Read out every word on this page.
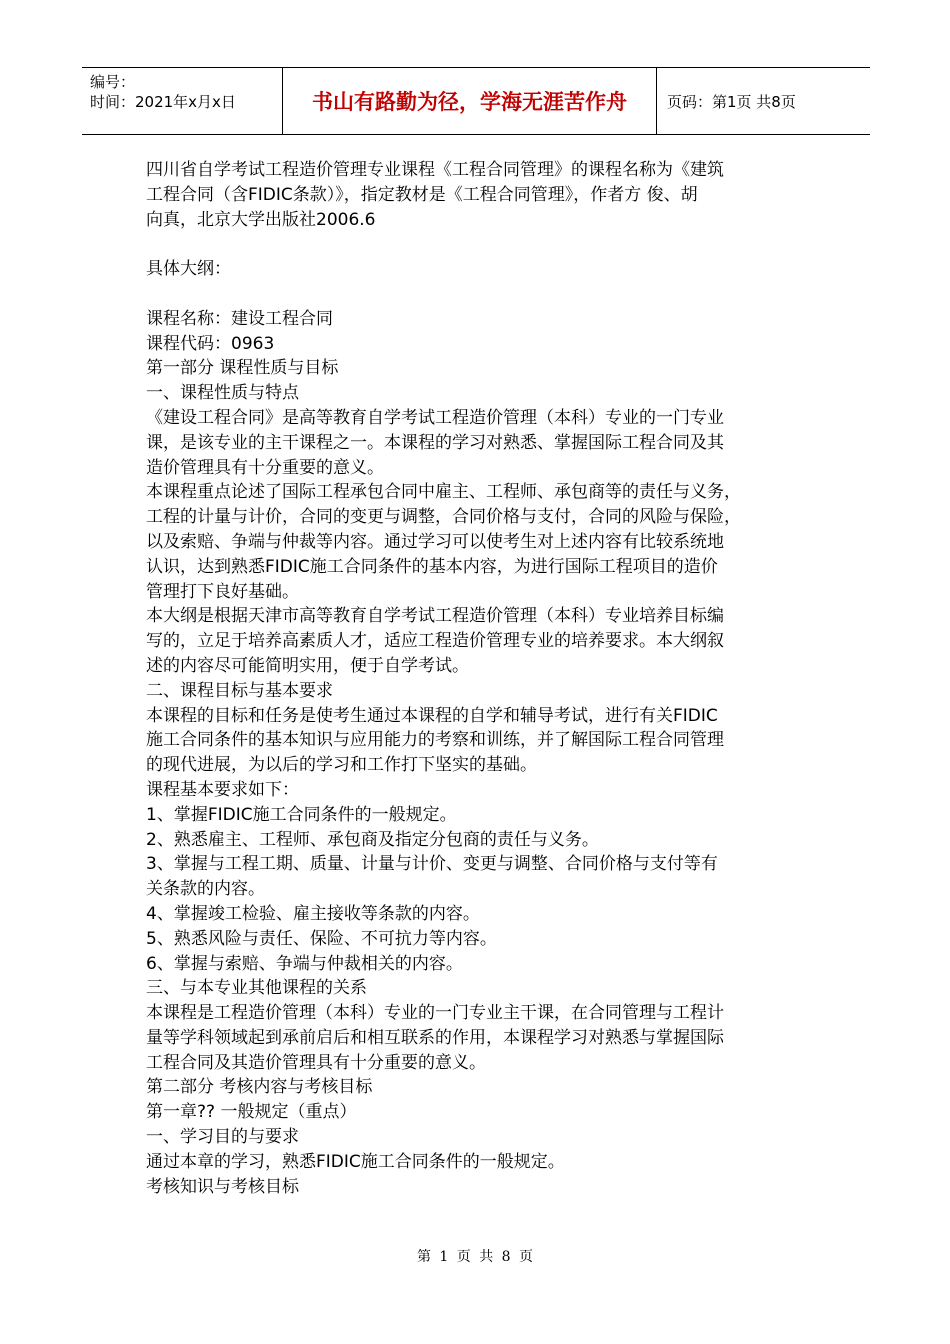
编号：
时间：2021年x月x日	书山有路勤为径，学海无涯苦作舟	页码：第1页 共8页

四川省自学考试工程造价管理专业课程《工程合同管理》的课程名称为《建筑

工程合同（含FIDIC条款）》，指定教材是《工程合同管理》，作者方 俊、胡

向真，北京大学出版社2006.6

具体大纲：

课程名称：建设工程合同

课程代码：0963

第一部分 课程性质与目标

一、课程性质与特点

《建设工程合同》是高等教育自学考试工程造价管理（本科）专业的一门专业

课，是该专业的主干课程之一。本课程的学习对熟悉、掌握国际工程合同及其

造价管理具有十分重要的意义。

本课程重点论述了国际工程承包合同中雇主、工程师、承包商等的责任与义务，

工程的计量与计价，合同的变更与调整，合同价格与支付，合同的风险与保险，

以及索赔、争端与仲裁等内容。通过学习可以使考生对上述内容有比较系统地

认识，达到熟悉FIDIC施工合同条件的基本内容，为进行国际工程项目的造价

管理打下良好基础。

本大纲是根据天津市高等教育自学考试工程造价管理（本科）专业培养目标编

写的，立足于培养高素质人才，适应工程造价管理专业的培养要求。本大纲叙

述的内容尽可能简明实用，便于自学考试。

二、课程目标与基本要求

本课程的目标和任务是使考生通过本课程的自学和辅导考试，进行有关FIDIC

施工合同条件的基本知识与应用能力的考察和训练，并了解国际工程合同管理

的现代进展，为以后的学习和工作打下坚实的基础。

课程基本要求如下：

1、掌握FIDIC施工合同条件的一般规定。

2、熟悉雇主、工程师、承包商及指定分包商的责任与义务。

3、掌握与工程工期、质量、计量与计价、变更与调整、合同价格与支付等有

关条款的内容。

4、掌握竣工检验、雇主接收等条款的内容。

5、熟悉风险与责任、保险、不可抗力等内容。

6、掌握与索赔、争端与仲裁相关的内容。

三、与本专业其他课程的关系

本课程是工程造价管理（本科）专业的一门专业主干课，在合同管理与工程计

量等学科领域起到承前启后和相互联系的作用，本课程学习对熟悉与掌握国际

工程合同及其造价管理具有十分重要的意义。

第二部分 考核内容与考核目标

第一章?? 一般规定（重点）

一、学习目的与要求

通过本章的学习，熟悉FIDIC施工合同条件的一般规定。

考核知识与考核目标

第 1 页 共 8 页
